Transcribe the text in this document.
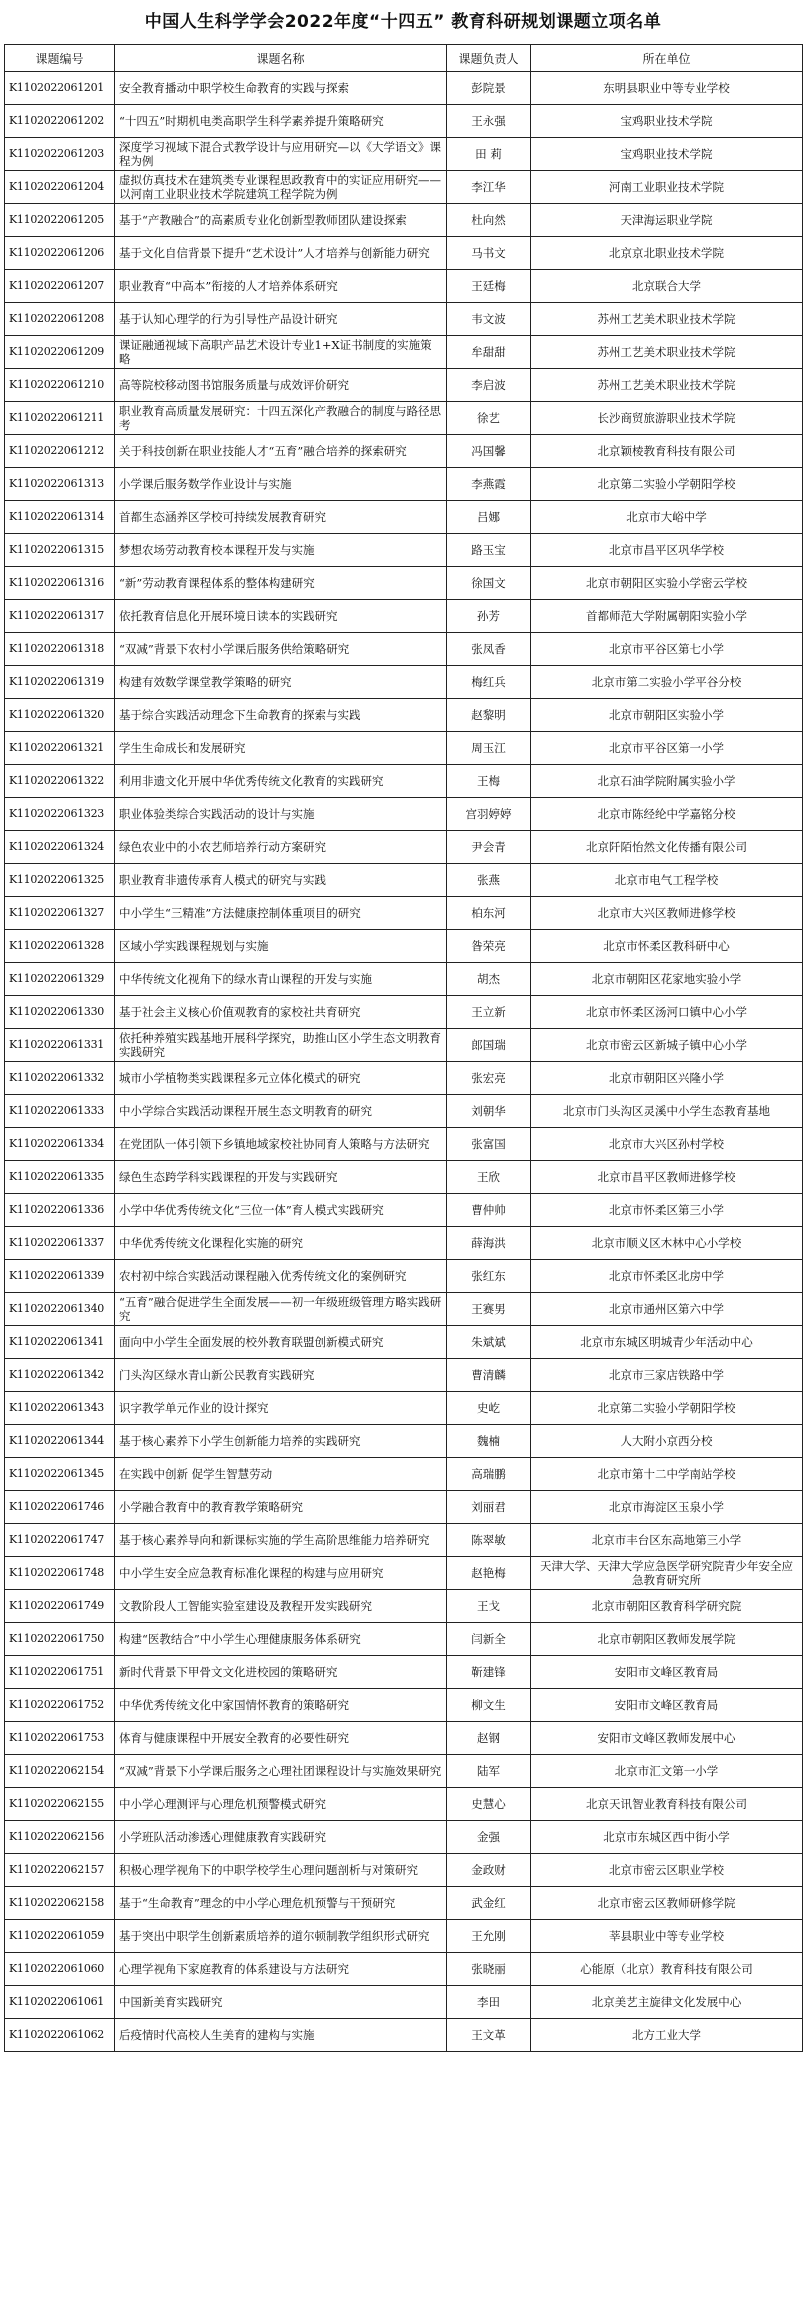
中国人生科学学会2022年度“十四五” 教育科研规划课题立项名单
课题编号	课题名称	课题负责人	所在单位
K1102022061201	安全教育播动中职学校生命教育的实践与探索	彭院景	东明县职业中等专业学校
K1102022061202	“十四五”时期机电类高职学生科学素养提升策略研究	王永强	宝鸡职业技术学院
K1102022061203	深度学习视域下混合式教学设计与应用研究—以《大学语文》课程为例	田 莉	宝鸡职业技术学院
K1102022061204	虚拟仿真技术在建筑类专业课程思政教育中的实证应用研究——以河南工业职业技术学院建筑工程学院为例	李江华	河南工业职业技术学院
K1102022061205	基于“产教融合”的高素质专业化创新型教师团队建设探索	杜向然	天津海运职业学院
K1102022061206	基于文化自信背景下提升“艺术设计”人才培养与创新能力研究	马书文	北京京北职业技术学院
K1102022061207	职业教育“中高本”衔接的人才培养体系研究	王廷梅	北京联合大学
K1102022061208	基于认知心理学的行为引导性产品设计研究	韦文波	苏州工艺美术职业技术学院
K1102022061209	课证融通视域下高职产品艺术设计专业1+X证书制度的实施策略	牟甜甜	苏州工艺美术职业技术学院
K1102022061210	高等院校移动图书馆服务质量与成效评价研究	李启波	苏州工艺美术职业技术学院
K1102022061211	职业教育高质量发展研究：十四五深化产教融合的制度与路径思考	徐艺	长沙商贸旅游职业技术学院
K1102022061212	关于科技创新在职业技能人才“五育”融合培养的探索研究	冯国馨	北京颖棱教育科技有限公司
K1102022061313	小学课后服务数学作业设计与实施	李燕霞	北京第二实验小学朝阳学校
K1102022061314	首都生态涵养区学校可持续发展教育研究	吕娜	北京市大峪中学
K1102022061315	梦想农场劳动教育校本课程开发与实施	路玉宝	北京市昌平区巩华学校
K1102022061316	“新”劳动教育课程体系的整体构建研究	徐国文	北京市朝阳区实验小学密云学校
K1102022061317	依托教育信息化开展环境日读本的实践研究	孙芳	首都师范大学附属朝阳实验小学
K1102022061318	“双减”背景下农村小学课后服务供给策略研究	张凤香	北京市平谷区第七小学
K1102022061319	构建有效数学课堂教学策略的研究	梅红兵	北京市第二实验小学平谷分校
K1102022061320	基于综合实践活动理念下生命教育的探索与实践	赵黎明	北京市朝阳区实验小学
K1102022061321	学生生命成长和发展研究	周玉江	北京市平谷区第一小学
K1102022061322	利用非遗文化开展中华优秀传统文化教育的实践研究	王梅	北京石油学院附属实验小学
K1102022061323	职业体验类综合实践活动的设计与实施	宫羽婷婷	北京市陈经纶中学嘉铭分校
K1102022061324	绿色农业中的小农艺师培养行动方案研究	尹会青	北京阡陌怡然文化传播有限公司
K1102022061325	职业教育非遗传承育人模式的研究与实践	张燕	北京市电气工程学校
K1102022061327	中小学生“三精准”方法健康控制体重项目的研究	柏东河	北京市大兴区教师进修学校
K1102022061328	区域小学实践课程规划与实施	昝荣亮	北京市怀柔区教科研中心
K1102022061329	中华传统文化视角下的绿水青山课程的开发与实施	胡杰	北京市朝阳区花家地实验小学
K1102022061330	基于社会主义核心价值观教育的家校社共育研究	王立新	北京市怀柔区汤河口镇中心小学
K1102022061331	依托种养殖实践基地开展科学探究，助推山区小学生态文明教育实践研究	郎国瑞	北京市密云区新城子镇中心小学
K1102022061332	城市小学植物类实践课程多元立体化模式的研究	张宏亮	北京市朝阳区兴隆小学
K1102022061333	中小学综合实践活动课程开展生态文明教育的研究	刘朝华	北京市门头沟区灵溪中小学生态教育基地
K1102022061334	在党团队一体引领下乡镇地域家校社协同育人策略与方法研究	张富国	北京市大兴区孙村学校
K1102022061335	绿色生态跨学科实践课程的开发与实践研究	王欣	北京市昌平区教师进修学校
K1102022061336	小学中华优秀传统文化“三位一体”育人模式实践研究	曹仲帅	北京市怀柔区第三小学
K1102022061337	中华优秀传统文化课程化实施的研究	薛海洪	北京市顺义区木林中心小学校
K1102022061339	农村初中综合实践活动课程融入优秀传统文化的案例研究	张红东	北京市怀柔区北房中学
K1102022061340	“五育”融合促进学生全面发展——初一年级班级管理方略实践研究	王赛男	北京市通州区第六中学
K1102022061341	面向中小学生全面发展的校外教育联盟创新模式研究	朱斌斌	北京市东城区明城青少年活动中心
K1102022061342	门头沟区绿水青山新公民教育实践研究	曹清麟	北京市三家店铁路中学
K1102022061343	识字教学单元作业的设计探究	史屹	北京第二实验小学朝阳学校
K1102022061344	基于核心素养下小学生创新能力培养的实践研究	魏楠	人大附小京西分校
K1102022061345	在实践中创新 促学生智慧劳动	高瑞鹏	北京市第十二中学南站学校
K1102022061746	小学融合教育中的教育教学策略研究	刘丽君	北京市海淀区玉泉小学
K1102022061747	基于核心素养导向和新课标实施的学生高阶思维能力培养研究	陈翠敏	北京市丰台区东高地第三小学
K1102022061748	中小学生安全应急教育标准化课程的构建与应用研究	赵艳梅	天津大学、天津大学应急医学研究院青少年安全应急教育研究所
K1102022061749	文教阶段人工智能实验室建设及教程开发实践研究	王戈	北京市朝阳区教育科学研究院
K1102022061750	构建“医教结合”中小学生心理健康服务体系研究	闫新全	北京市朝阳区教师发展学院
K1102022061751	新时代背景下甲骨文文化进校园的策略研究	靳建锋	安阳市文峰区教育局
K1102022061752	中华优秀传统文化中家国情怀教育的策略研究	柳文生	安阳市文峰区教育局
K1102022061753	体育与健康课程中开展安全教育的必要性研究	赵钢	安阳市文峰区教师发展中心
K1102022062154	“双减”背景下小学课后服务之心理社团课程设计与实施效果研究	陆军	北京市汇文第一小学
K1102022062155	中小学心理测评与心理危机预警模式研究	史慧心	北京天讯智业教育科技有限公司
K1102022062156	小学班队活动渗透心理健康教育实践研究	金强	北京市东城区西中街小学
K1102022062157	积极心理学视角下的中职学校学生心理问题剖析与对策研究	金政财	北京市密云区职业学校
K1102022062158	基于“生命教育”理念的中小学心理危机预警与干预研究	武金红	北京市密云区教师研修学院
K1102022061059	基于突出中职学生创新素质培养的道尔顿制教学组织形式研究	王允刚	莘县职业中等专业学校
K1102022061060	心理学视角下家庭教育的体系建设与方法研究	张晓丽	心能原（北京）教育科技有限公司
K1102022061061	中国新美育实践研究	李田	北京美艺主旋律文化发展中心
K1102022061062	后疫情时代高校人生美育的建构与实施	王文革	北方工业大学
